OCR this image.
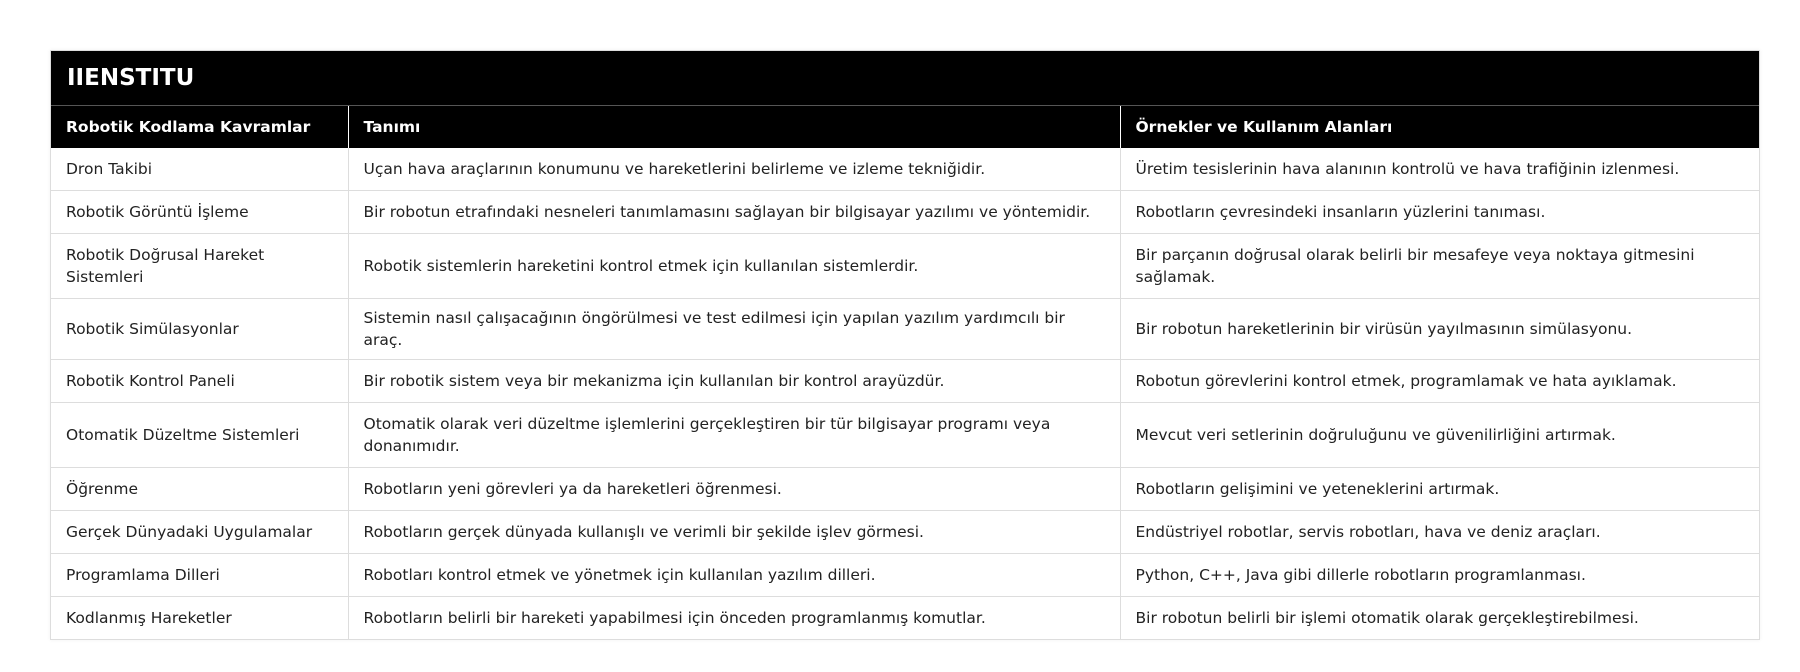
IIENSTITU
Robotik Kodlama Kavramlar	Tanımı	Örnekler ve Kullanım Alanları
Dron Takibi	Uçan hava araçlarının konumunu ve hareketlerini belirleme ve izleme tekniğidir.	Üretim tesislerinin hava alanının kontrolü ve hava trafiğinin izlenmesi.
Robotik Görüntü İşleme	Bir robotun etrafındaki nesneleri tanımlamasını sağlayan bir bilgisayar yazılımı ve yöntemidir.	Robotların çevresindeki insanların yüzlerini tanıması.
Robotik Doğrusal Hareket Sistemleri	Robotik sistemlerin hareketini kontrol etmek için kullanılan sistemlerdir.	Bir parçanın doğrusal olarak belirli bir mesafeye veya noktaya gitmesini sağlamak.
Robotik Simülasyonlar	Sistemin nasıl çalışacağının öngörülmesi ve test edilmesi için yapılan yazılım yardımcılı bir araç.	Bir robotun hareketlerinin bir virüsün yayılmasının simülasyonu.
Robotik Kontrol Paneli	Bir robotik sistem veya bir mekanizma için kullanılan bir kontrol arayüzdür.	Robotun görevlerini kontrol etmek, programlamak ve hata ayıklamak.
Otomatik Düzeltme Sistemleri	Otomatik olarak veri düzeltme işlemlerini gerçekleştiren bir tür bilgisayar programı veya donanımıdır.	Mevcut veri setlerinin doğruluğunu ve güvenilirliğini artırmak.
Öğrenme	Robotların yeni görevleri ya da hareketleri öğrenmesi.	Robotların gelişimini ve yeteneklerini artırmak.
Gerçek Dünyadaki Uygulamalar	Robotların gerçek dünyada kullanışlı ve verimli bir şekilde işlev görmesi.	Endüstriyel robotlar, servis robotları, hava ve deniz araçları.
Programlama Dilleri	Robotları kontrol etmek ve yönetmek için kullanılan yazılım dilleri.	Python, C++, Java gibi dillerle robotların programlanması.
Kodlanmış Hareketler	Robotların belirli bir hareketi yapabilmesi için önceden programlanmış komutlar.	Bir robotun belirli bir işlemi otomatik olarak gerçekleştirebilmesi.
